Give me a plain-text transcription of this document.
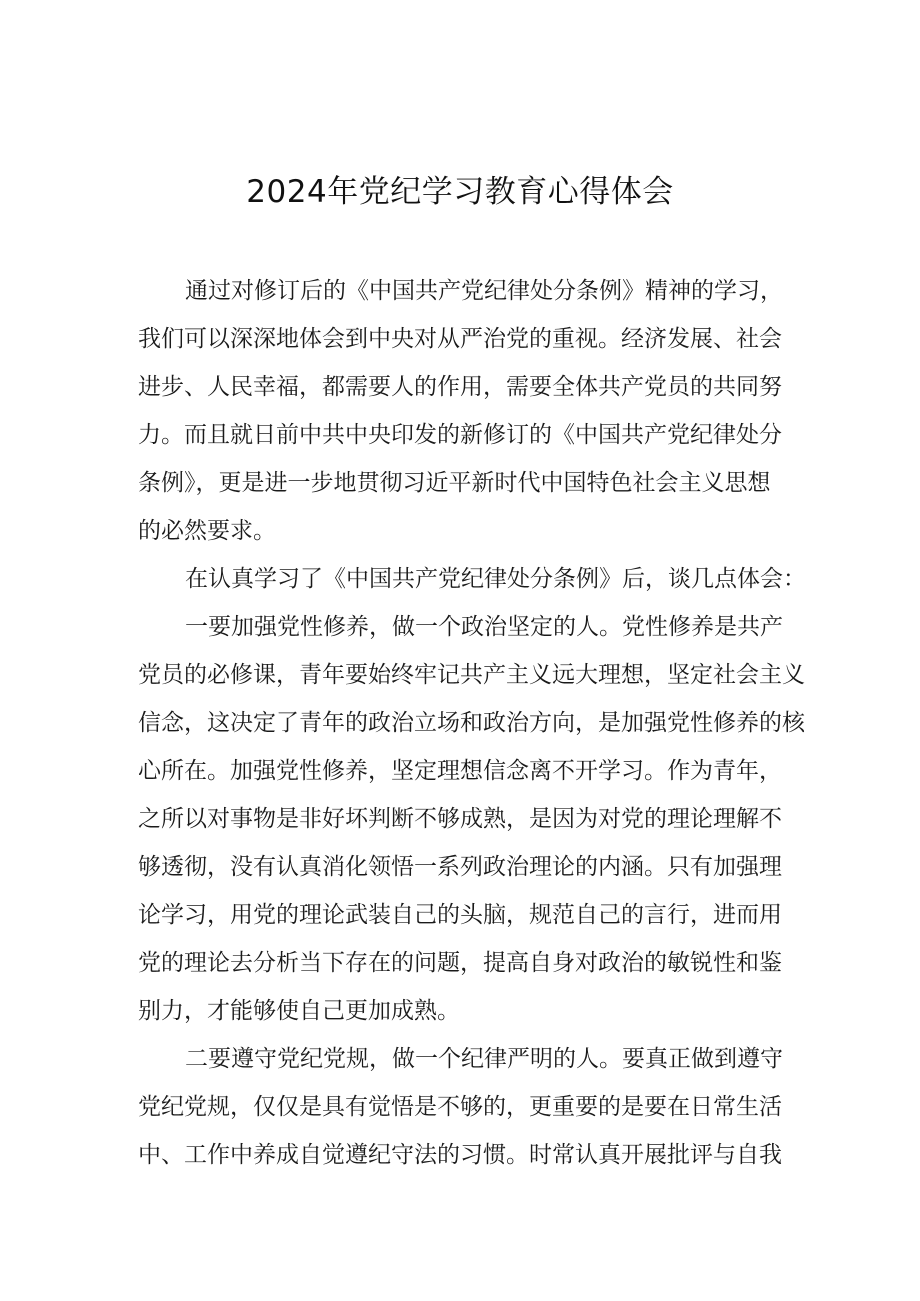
2024年党纪学习教育心得体会
通过对修订后的《中国共产党纪律处分条例》精神的学习，
我们可以深深地体会到中央对从严治党的重视。经济发展、社会
进步、人民幸福，都需要人的作用，需要全体共产党员的共同努
力。而且就日前中共中央印发的新修订的《中国共产党纪律处分
条例》，更是进一步地贯彻习近平新时代中国特色社会主义思想
的必然要求。
在认真学习了《中国共产党纪律处分条例》后，谈几点体会：
一要加强党性修养，做一个政治坚定的人。党性修养是共产
党员的必修课，青年要始终牢记共产主义远大理想，坚定社会主义
信念，这决定了青年的政治立场和政治方向，是加强党性修养的核
心所在。加强党性修养，坚定理想信念离不开学习。作为青年，
之所以对事物是非好坏判断不够成熟，是因为对党的理论理解不
够透彻，没有认真消化领悟一系列政治理论的内涵。只有加强理
论学习，用党的理论武装自己的头脑，规范自己的言行，进而用
党的理论去分析当下存在的问题，提高自身对政治的敏锐性和鉴
别力，才能够使自己更加成熟。
二要遵守党纪党规，做一个纪律严明的人。要真正做到遵守
党纪党规，仅仅是具有觉悟是不够的，更重要的是要在日常生活
中、工作中养成自觉遵纪守法的习惯。时常认真开展批评与自我
